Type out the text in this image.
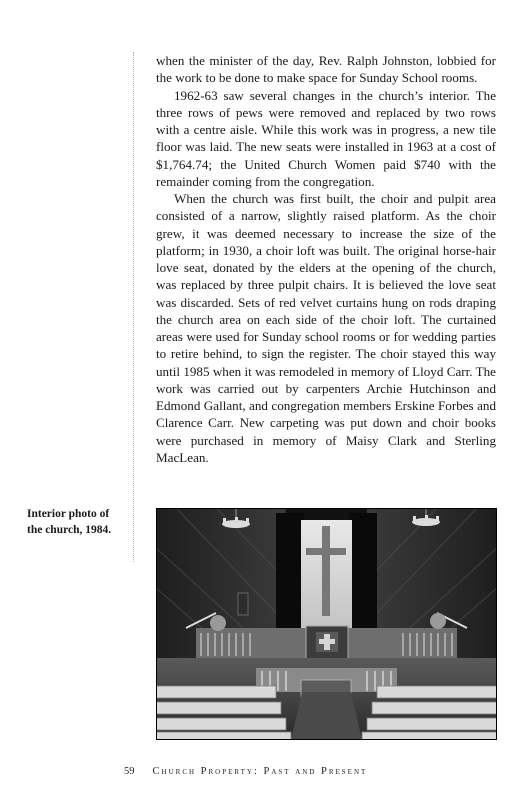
when the minister of the day, Rev. Ralph Johnston, lobbied for the work to be done to make space for Sunday School rooms.

1962-63 saw several changes in the church’s interior. The three rows of pews were removed and replaced by two rows with a centre aisle. While this work was in progress, a new tile floor was laid. The new seats were installed in 1963 at a cost of $1,764.74; the United Church Women paid $740 with the remainder coming from the congregation.

When the church was first built, the choir and pulpit area consisted of a narrow, slightly raised platform. As the choir grew, it was deemed necessary to increase the size of the platform; in 1930, a choir loft was built. The original horse-hair love seat, donated by the elders at the opening of the church, was replaced by three pulpit chairs. It is believed the love seat was discarded. Sets of red velvet curtains hung on rods draping the church area on each side of the choir loft. The curtained areas were used for Sunday school rooms or for wedding parties to retire behind, to sign the register. The choir stayed this way until 1985 when it was remodeled in memory of Lloyd Carr. The work was carried out by carpenters Archie Hutchinson and Edmond Gallant, and congregation members Erskine Forbes and Clarence Carr. New carpeting was put down and choir books were purchased in memory of Maisy Clark and Sterling MacLean.

Interior photo of the church, 1984.
59 Church Property: Past and Present
